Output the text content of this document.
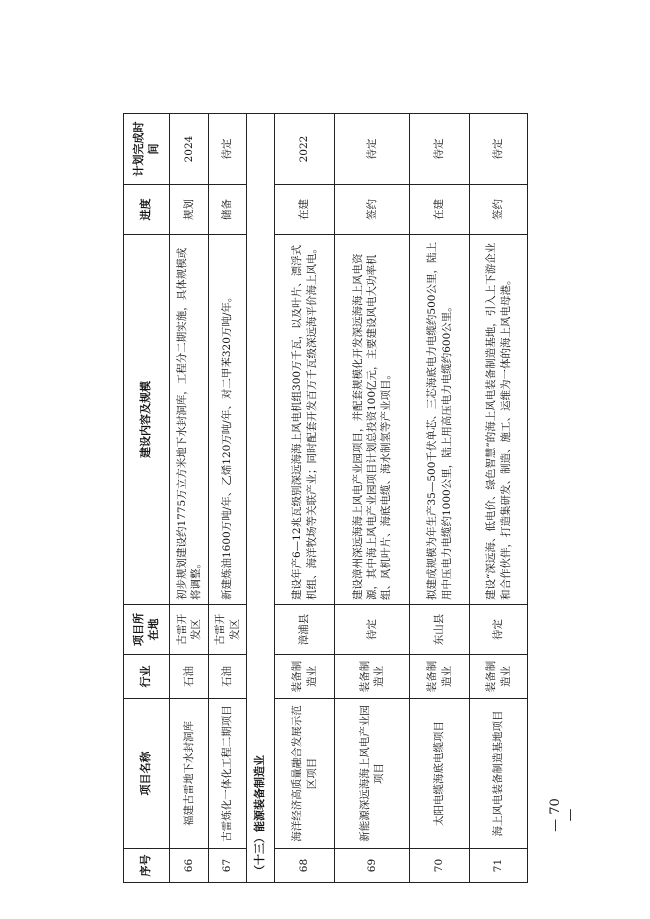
序号	项目名称	行业	项目所在地	建设内容及规模	进度	计划完成时间
66	福建古雷地下水封洞库	石油	古雷开发区	初步规划建设约1775万立方米地下水封洞库，工程分二期实施，具体规模或将调整。	规划	2024
67	古雷炼化一体化工程二期项目	石油	古雷开发区	新建炼油1600万吨/年、乙烯120万吨/年、对二甲苯320万吨/年。	储备	待定
（十三）能源装备制造业						
68	海洋经济高质量融合发展示范区项目	装备制造业	漳浦县	建设年产6—12兆瓦级别深远海海上风电机组300万千瓦，以及叶片、漂浮式机组、海洋牧场等关联产业；同时配套开发百万千瓦级深远海平价海上风电。	在建	2022
69	新能源深远海海上风电产业园项目	装备制造业	待定	建设漳州深远海海上风电产业园项目，并配套规模化开发深远海海上风电资源，其中海上风电产业园项目计划总投资100亿元，主要建设风电大功率机组、风机叶片、海底电缆、海水制氢等产业项目。	签约	待定
70	太阳电缆海底电缆项目	装备制造业	东山县	拟建成规模为年生产35—500千伏单芯、三芯海底电力电缆约500公里，陆上用中压电力电缆约1000公里，陆上用高压电力电缆约600公里。	在建	待定
71	海上风电装备制造基地项目	装备制造业	待定	建设“深远海、低电价、绿色智慧”的海上风电装备制造基地，引入上下游企业和合作伙伴，打造集研发、制造、施工、运维为一体的海上风电母港。	签约	待定
— 70 —
